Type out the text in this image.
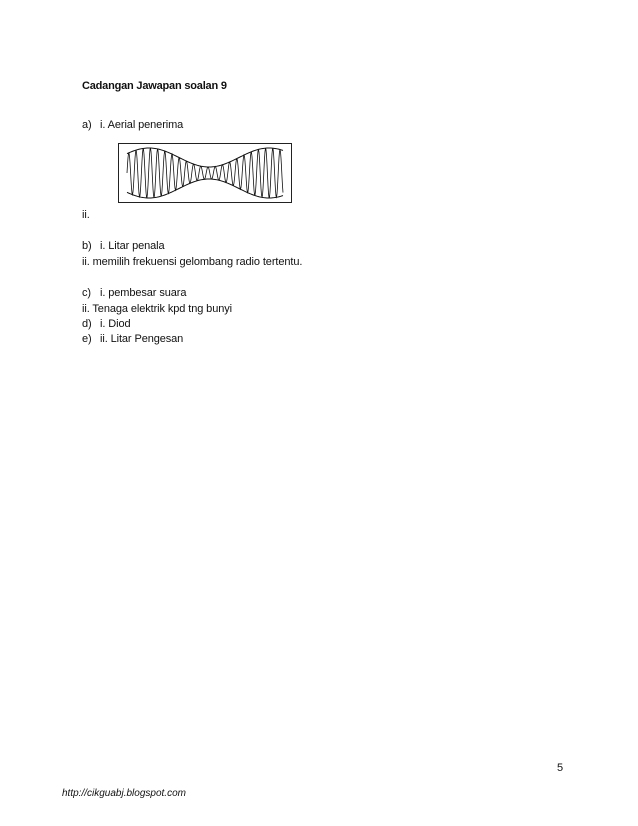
Cadangan Jawapan soalan 9
a) i. Aerial penerima
ii.
b) i. Litar penala
ii. memilih frekuensi gelombang radio tertentu.
c) i. pembesar suara
ii. Tenaga elektrik kpd tng bunyi
d) i. Diod
e) ii. Litar Pengesan
5
http://cikguabj.blogspot.com
